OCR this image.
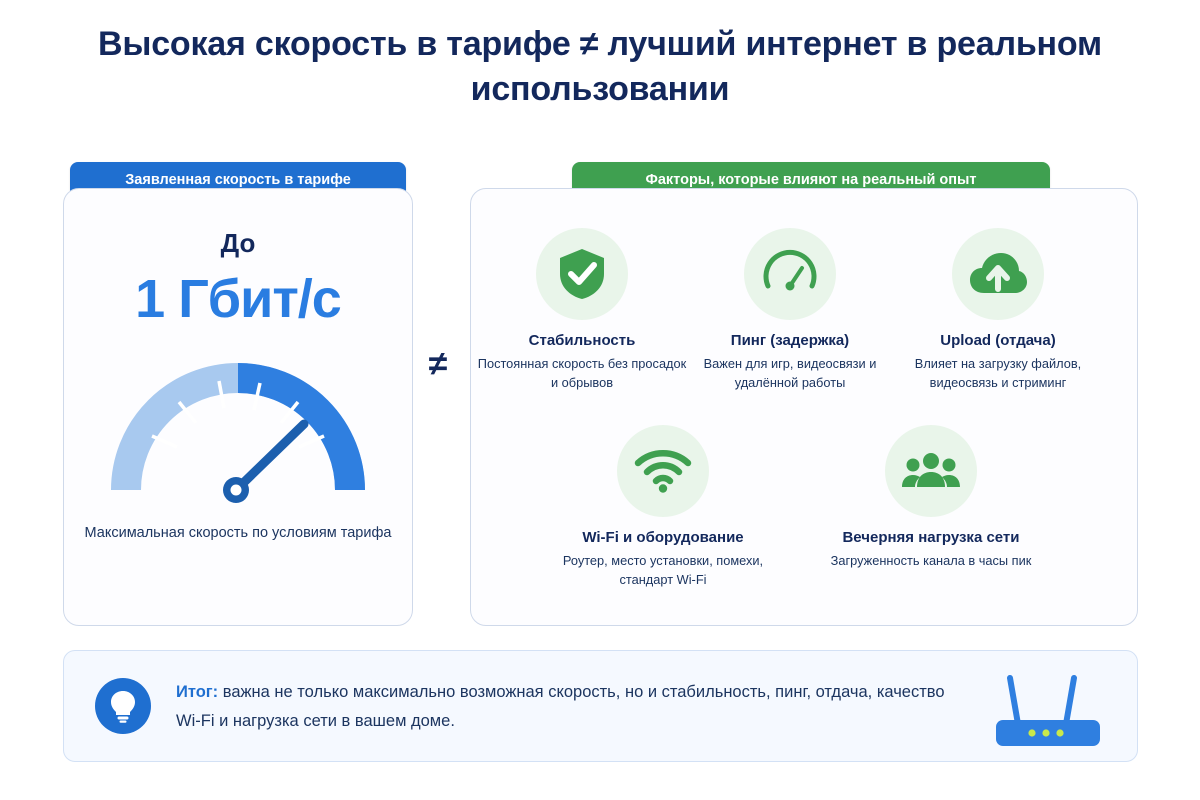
Высокая скорость в тарифе ≠ лучший интернет в реальном использовании
Заявленная скорость в тарифе
До
1 Гбит/с
Максимальная скорость по условиям тарифа
≠
Факторы, которые влияют на реальный опыт
Стабильность
Постоянная скорость без просадок и обрывов
Пинг (задержка)
Важен для игр, видеосвязи и удалённой работы
Upload (отдача)
Влияет на загрузку файлов, видеосвязь и стриминг
Wi-Fi и оборудование
Роутер, место установки, помехи, стандарт Wi-Fi
Вечерняя нагрузка сети
Загруженность канала в часы пик
Итог: важна не только максимально возможная скорость, но и стабильность, пинг, отдача, качество Wi-Fi и нагрузка сети в вашем доме.
